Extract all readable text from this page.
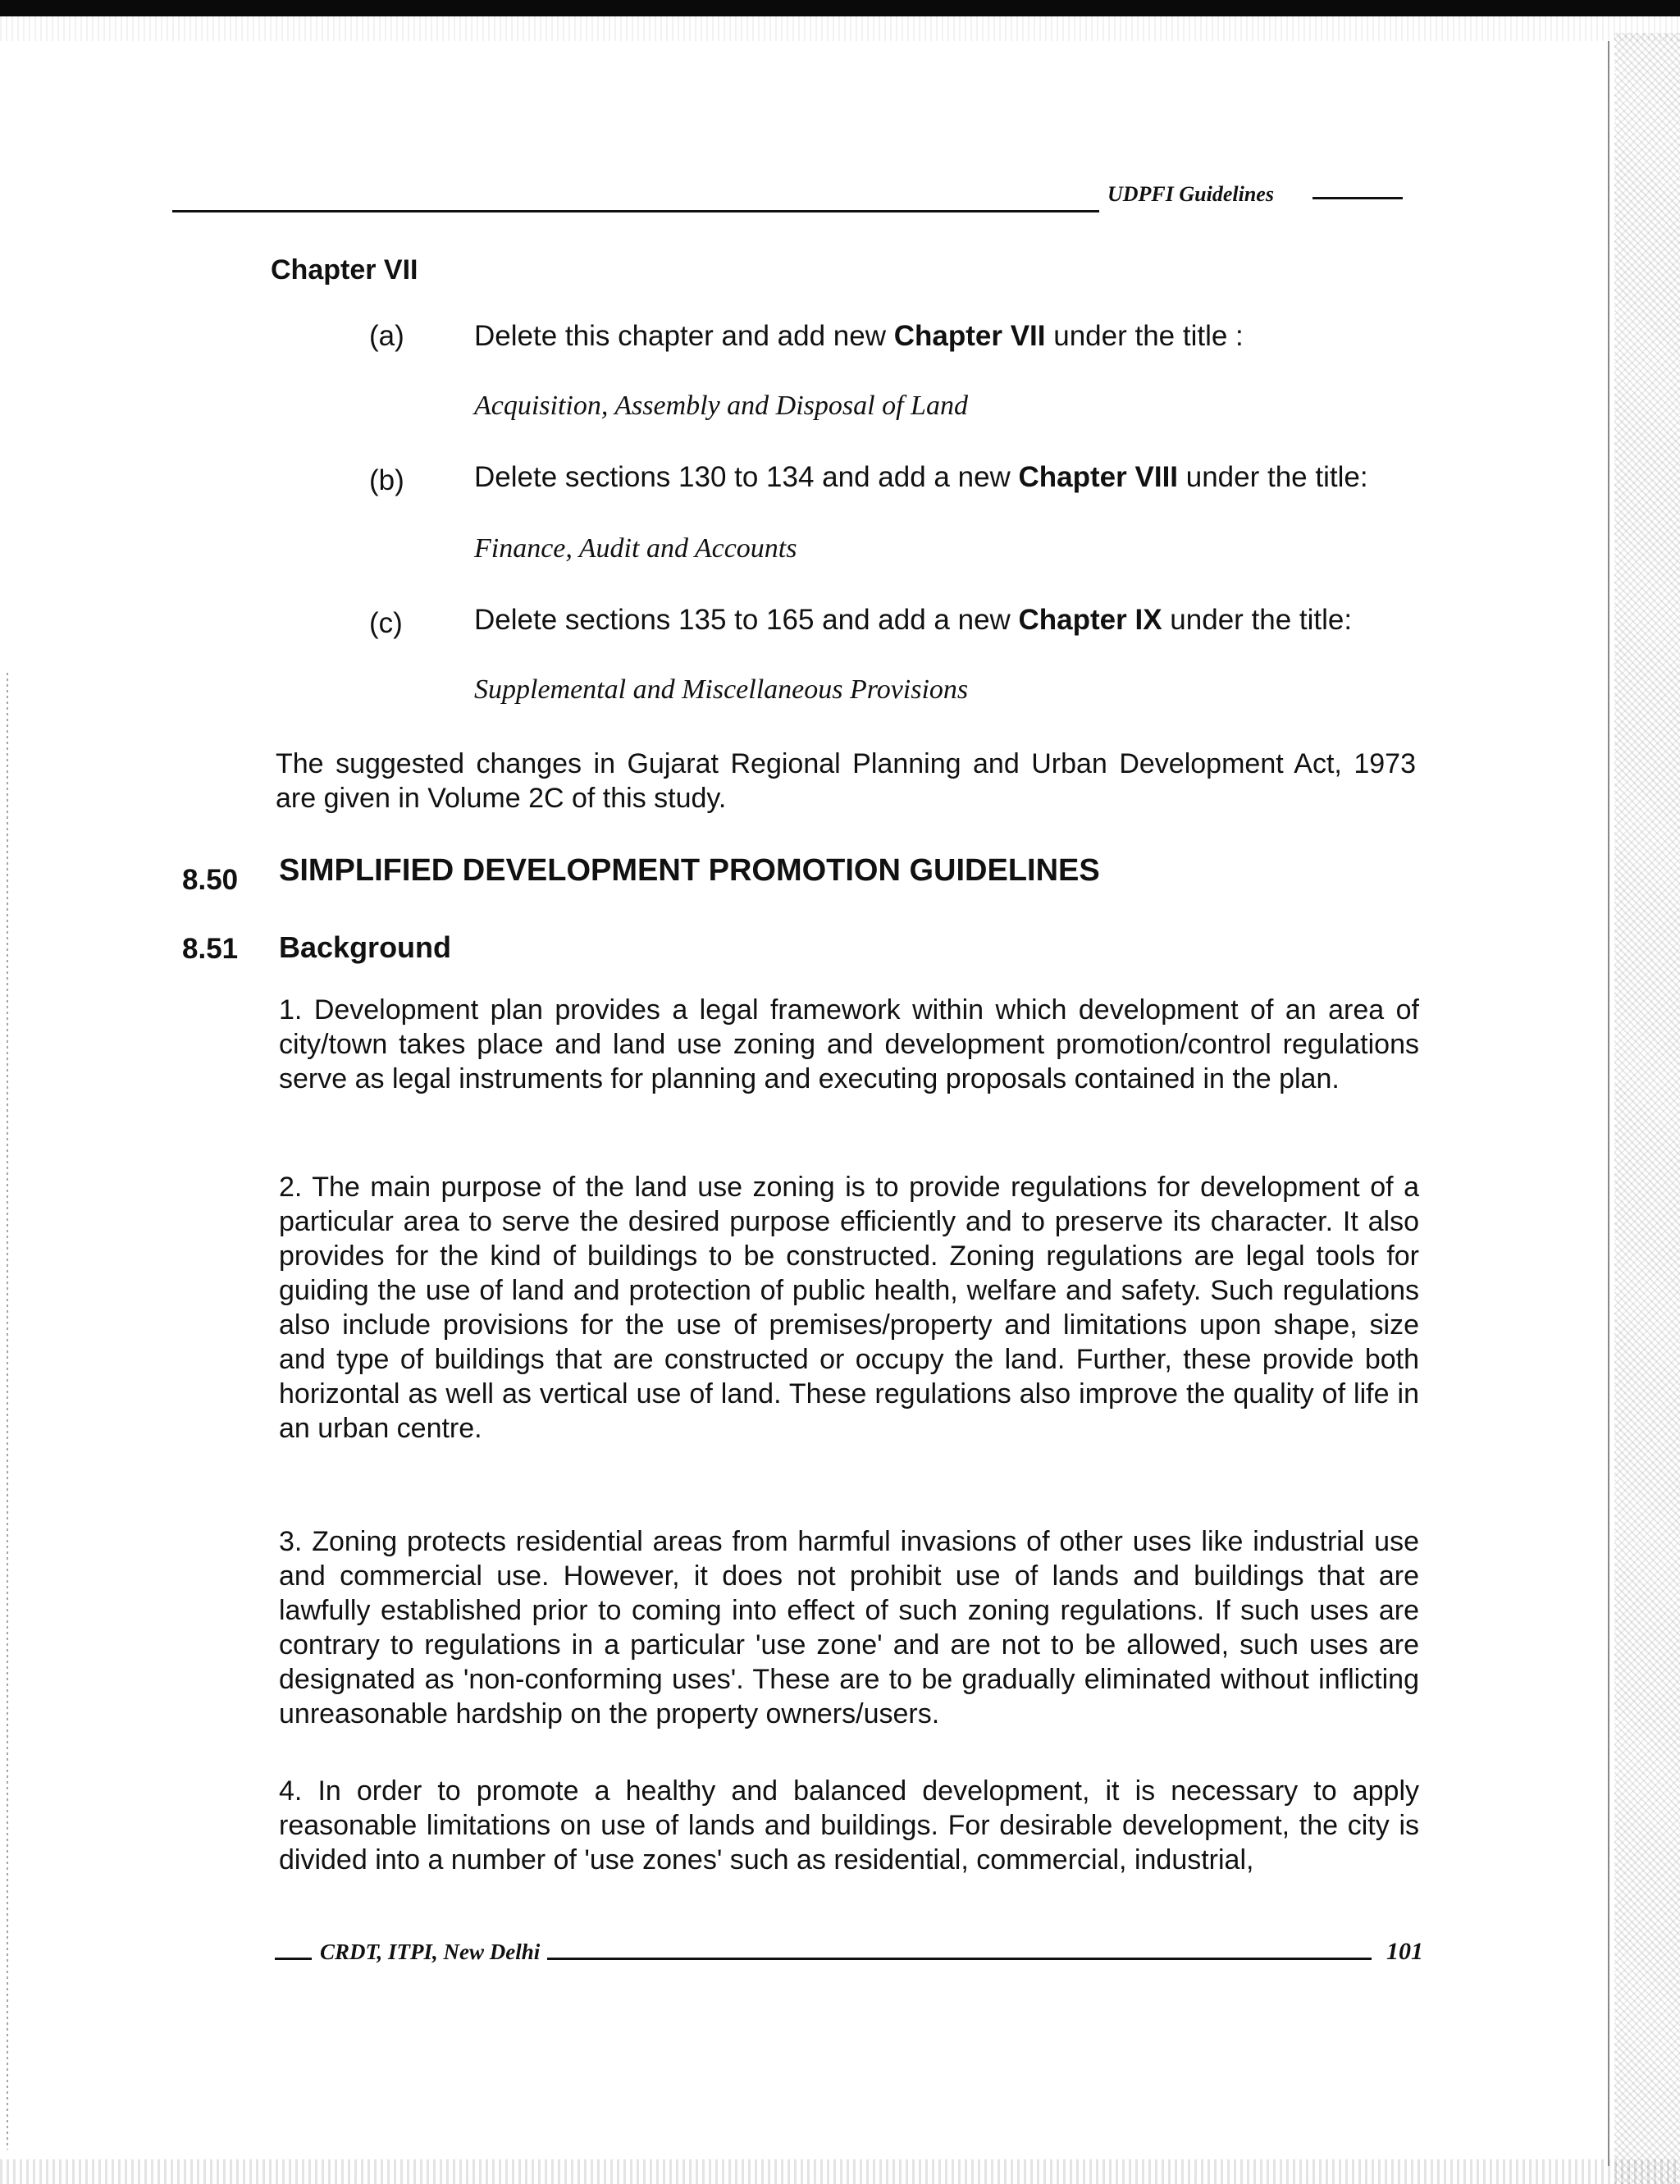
UDPFI Guidelines
Chapter VII
(a) Delete this chapter and add new Chapter VII under the title :
Acquisition, Assembly and Disposal of Land
(b) Delete sections 130 to 134 and add a new Chapter VIII under the title:
Finance, Audit and Accounts
(c) Delete sections 135 to 165 and add a new Chapter IX under the title:
Supplemental and Miscellaneous Provisions
The suggested changes in Gujarat Regional Planning and Urban Development Act, 1973 are given in Volume 2C of this study.
8.50 SIMPLIFIED DEVELOPMENT PROMOTION GUIDELINES
8.51 Background
1. Development plan provides a legal framework within which development of an area of city/town takes place and land use zoning and development promotion/control regulations serve as legal instruments for planning and executing proposals contained in the plan.
2. The main purpose of the land use zoning is to provide regulations for development of a particular area to serve the desired purpose efficiently and to preserve its character. It also provides for the kind of buildings to be constructed. Zoning regulations are legal tools for guiding the use of land and protection of public health, welfare and safety. Such regulations also include provisions for the use of premises/property and limitations upon shape, size and type of buildings that are constructed or occupy the land. Further, these provide both horizontal as well as vertical use of land. These regulations also improve the quality of life in an urban centre.
3. Zoning protects residential areas from harmful invasions of other uses like industrial use and commercial use. However, it does not prohibit use of lands and buildings that are lawfully established prior to coming into effect of such zoning regulations. If such uses are contrary to regulations in a particular 'use zone' and are not to be allowed, such uses are designated as 'non-conforming uses'. These are to be gradually eliminated without inflicting unreasonable hardship on the property owners/users.
4. In order to promote a healthy and balanced development, it is necessary to apply reasonable limitations on use of lands and buildings. For desirable development, the city is divided into a number of 'use zones' such as residential, commercial, industrial,
CRDT, ITPI, New Delhi	101
